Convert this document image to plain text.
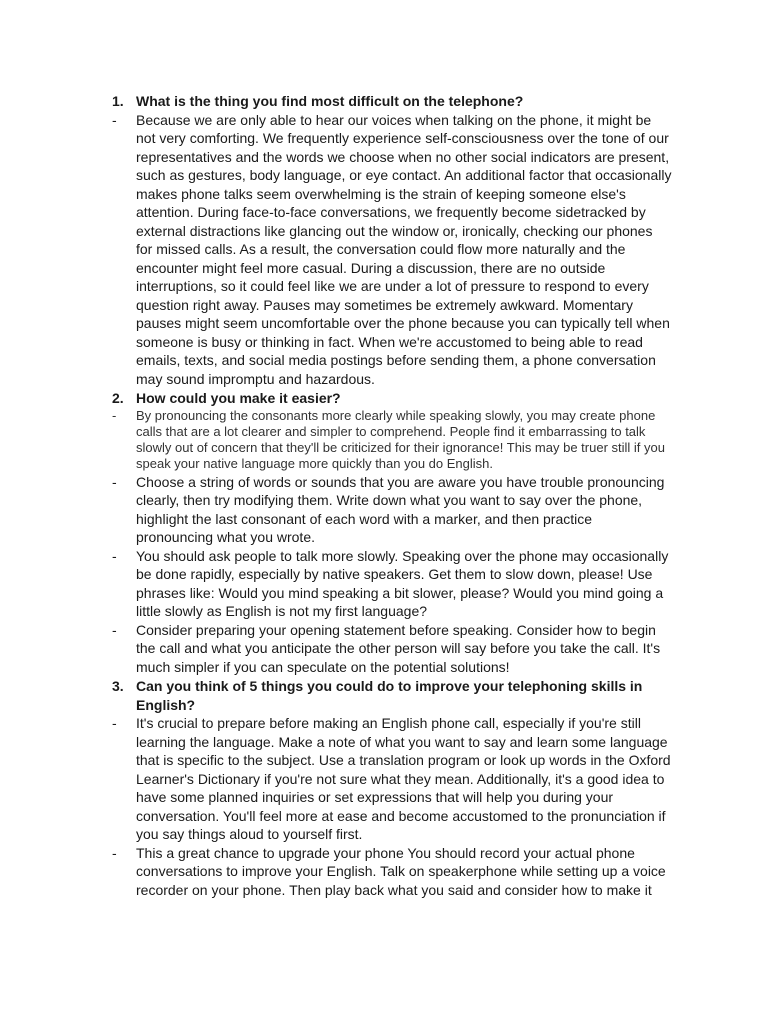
1. What is the thing you find most difficult on the telephone?
-	Because we are only able to hear our voices when talking on the phone, it might be not very comforting. We frequently experience self-consciousness over the tone of our representatives and the words we choose when no other social indicators are present, such as gestures, body language, or eye contact. An additional factor that occasionally makes phone talks seem overwhelming is the strain of keeping someone else's attention. During face-to-face conversations, we frequently become sidetracked by external distractions like glancing out the window or, ironically, checking our phones for missed calls. As a result, the conversation could flow more naturally and the encounter might feel more casual. During a discussion, there are no outside interruptions, so it could feel like we are under a lot of pressure to respond to every question right away. Pauses may sometimes be extremely awkward. Momentary pauses might seem uncomfortable over the phone because you can typically tell when someone is busy or thinking in fact. When we're accustomed to being able to read emails, texts, and social media postings before sending them, a phone conversation may sound impromptu and hazardous.
2. How could you make it easier?
-	By pronouncing the consonants more clearly while speaking slowly, you may create phone calls that are a lot clearer and simpler to comprehend. People find it embarrassing to talk slowly out of concern that they'll be criticized for their ignorance! This may be truer still if you speak your native language more quickly than you do English.
-	Choose a string of words or sounds that you are aware you have trouble pronouncing clearly, then try modifying them. Write down what you want to say over the phone, highlight the last consonant of each word with a marker, and then practice pronouncing what you wrote.
-	You should ask people to talk more slowly. Speaking over the phone may occasionally be done rapidly, especially by native speakers. Get them to slow down, please! Use phrases like: Would you mind speaking a bit slower, please? Would you mind going a little slowly as English is not my first language?
-	Consider preparing your opening statement before speaking. Consider how to begin the call and what you anticipate the other person will say before you take the call. It's much simpler if you can speculate on the potential solutions!
3. Can you think of 5 things you could do to improve your telephoning skills in English?
-	It's crucial to prepare before making an English phone call, especially if you're still learning the language. Make a note of what you want to say and learn some language that is specific to the subject. Use a translation program or look up words in the Oxford Learner's Dictionary if you're not sure what they mean. Additionally, it's a good idea to have some planned inquiries or set expressions that will help you during your conversation. You'll feel more at ease and become accustomed to the pronunciation if you say things aloud to yourself first.
-	This a great chance to upgrade your phone You should record your actual phone conversations to improve your English. Talk on speakerphone while setting up a voice recorder on your phone. Then play back what you said and consider how to make it
